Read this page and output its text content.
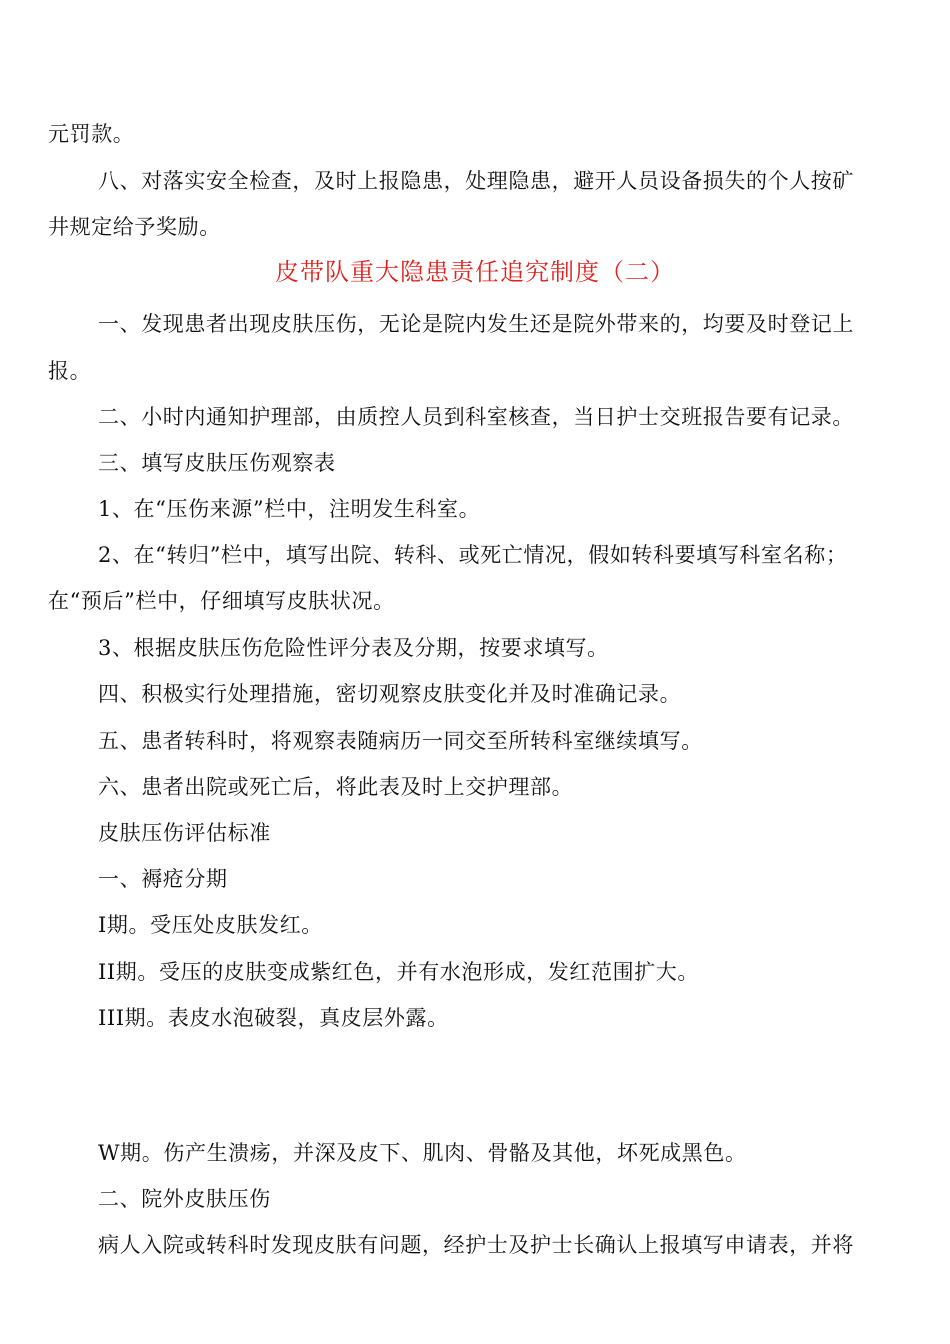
元罚款。
八、对落实安全检查，及时上报隐患，处理隐患，避开人员设备损失的个人按矿
井规定给予奖励。
皮带队重大隐患责任追究制度（二）
一、发现患者出现皮肤压伤，无论是院内发生还是院外带来的，均要及时登记上
报。
二、小时内通知护理部，由质控人员到科室核查，当日护士交班报告要有记录。
三、填写皮肤压伤观察表
1、在“压伤来源”栏中，注明发生科室。
2、在“转归”栏中，填写出院、转科、或死亡情况，假如转科要填写科室名称；
在“预后”栏中，仔细填写皮肤状况。
3、根据皮肤压伤危险性评分表及分期，按要求填写。
四、积极实行处理措施，密切观察皮肤变化并及时准确记录。
五、患者转科时，将观察表随病历一同交至所转科室继续填写。
六、患者出院或死亡后，将此表及时上交护理部。
皮肤压伤评估标准
一、褥疮分期
I期。受压处皮肤发红。
II期。受压的皮肤变成紫红色，并有水泡形成，发红范围扩大。
III期。表皮水泡破裂，真皮层外露。
W期。伤产生溃疡，并深及皮下、肌肉、骨骼及其他，坏死成黑色。
二、院外皮肤压伤
病人入院或转科时发现皮肤有问题，经护士及护士长确认上报填写申请表，并将
